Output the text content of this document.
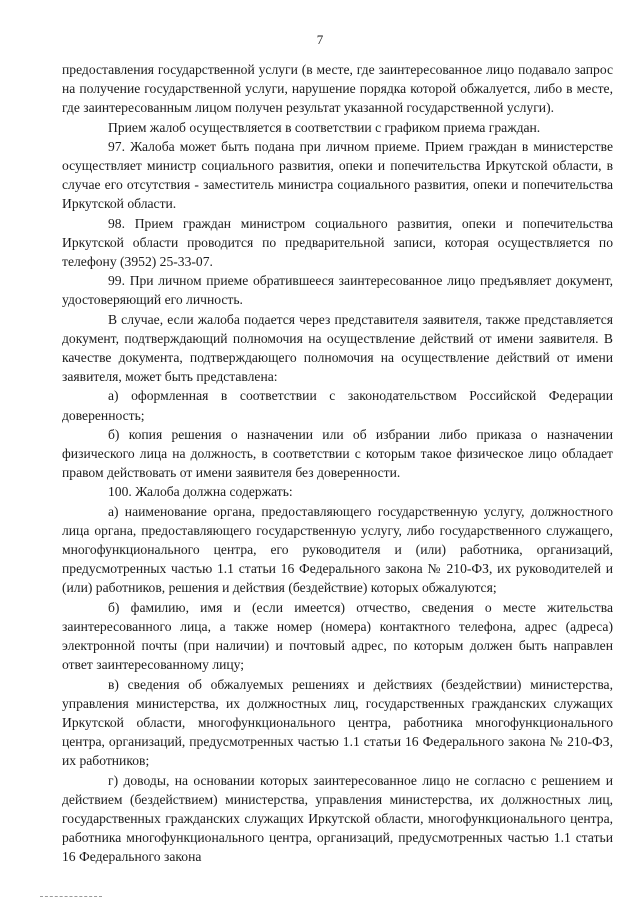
7

предоставления государственной услуги (в месте, где заинтересованное лицо подавало запрос на получение государственной услуги, нарушение порядка которой обжалуется, либо в месте, где заинтересованным лицом получен результат указанной государственной услуги).

Прием жалоб осуществляется в соответствии с графиком приема граждан.

97. Жалоба может быть подана при личном приеме. Прием граждан в министерстве осуществляет министр социального развития, опеки и попечительства Иркутской области, в случае его отсутствия - заместитель министра социального развития, опеки и попечительства Иркутской области.

98. Прием граждан министром социального развития, опеки и попечительства Иркутской области проводится по предварительной записи, которая осуществляется по телефону (3952) 25-33-07.

99. При личном приеме обратившееся заинтересованное лицо предъявляет документ, удостоверяющий его личность.

В случае, если жалоба подается через представителя заявителя, также представляется документ, подтверждающий полномочия на осуществление действий от имени заявителя. В качестве документа, подтверждающего полномочия на осуществление действий от имени заявителя, может быть представлена:

а) оформленная в соответствии с законодательством Российской Федерации доверенность;

б) копия решения о назначении или об избрании либо приказа о назначении физического лица на должность, в соответствии с которым такое физическое лицо обладает правом действовать от имени заявителя без доверенности.

100. Жалоба должна содержать:

а) наименование органа, предоставляющего государственную услугу, должностного лица органа, предоставляющего государственную услугу, либо государственного служащего, многофункционального центра, его руководителя и (или) работника, организаций, предусмотренных частью 1.1 статьи 16 Федерального закона № 210-ФЗ, их руководителей и (или) работников, решения и действия (бездействие) которых обжалуются;

б) фамилию, имя и (если имеется) отчество, сведения о месте жительства заинтересованного лица, а также номер (номера) контактного телефона, адрес (адреса) электронной почты (при наличии) и почтовый адрес, по которым должен быть направлен ответ заинтересованному лицу;

в) сведения об обжалуемых решениях и действиях (бездействии) министерства, управления министерства, их должностных лиц, государственных гражданских служащих Иркутской области, многофункционального центра, работника многофункционального центра, организаций, предусмотренных частью 1.1 статьи 16 Федерального закона № 210-ФЗ, их работников;

г) доводы, на основании которых заинтересованное лицо не согласно с решением и действием (бездействием) министерства, управления министерства, их должностных лиц, государственных гражданских служащих Иркутской области, многофункционального центра, работника многофункционального центра, организаций, предусмотренных частью 1.1 статьи 16 Федерального закона
